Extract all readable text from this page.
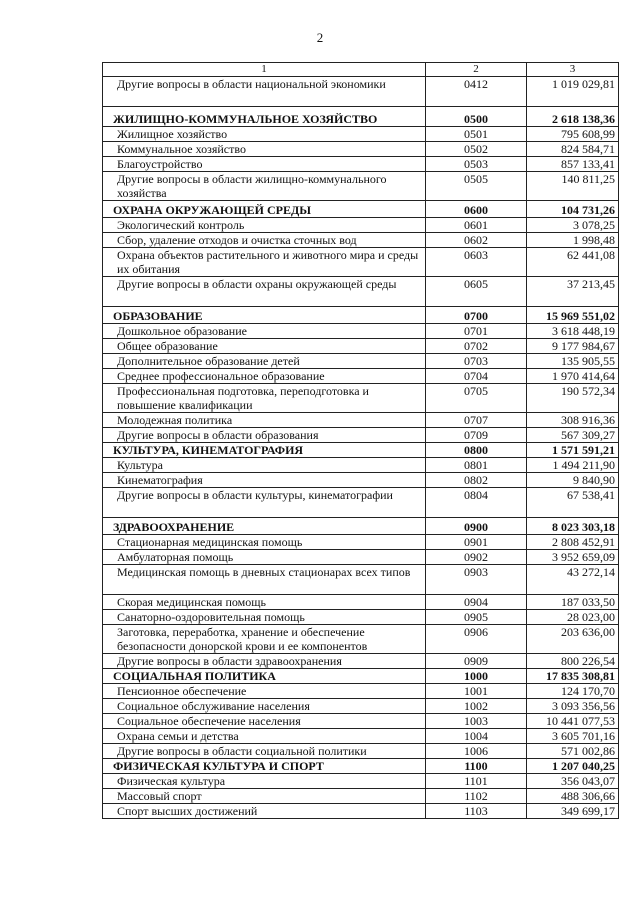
2
1	2	3
Другие вопросы в области национальной экономики	0412	1 019 029,81
ЖИЛИЩНО-КОММУНАЛЬНОЕ ХОЗЯЙСТВО	0500	2 618 138,36
Жилищное хозяйство	0501	795 608,99
Коммунальное хозяйство	0502	824 584,71
Благоустройство	0503	857 133,41
Другие вопросы в области жилищно-коммунального хозяйства	0505	140 811,25
ОХРАНА ОКРУЖАЮЩЕЙ СРЕДЫ	0600	104 731,26
Экологический контроль	0601	3 078,25
Сбор, удаление отходов и очистка сточных вод	0602	1 998,48
Охрана объектов растительного и животного мира и среды их обитания	0603	62 441,08
Другие вопросы в области охраны окружающей среды	0605	37 213,45
ОБРАЗОВАНИЕ	0700	15 969 551,02
Дошкольное образование	0701	3 618 448,19
Общее образование	0702	9 177 984,67
Дополнительное образование детей	0703	135 905,55
Среднее профессиональное образование	0704	1 970 414,64
Профессиональная подготовка, переподготовка и повышение квалификации	0705	190 572,34
Молодежная политика	0707	308 916,36
Другие вопросы в области образования	0709	567 309,27
КУЛЬТУРА, КИНЕМАТОГРАФИЯ	0800	1 571 591,21
Культура	0801	1 494 211,90
Кинематография	0802	9 840,90
Другие вопросы в области культуры, кинематографии	0804	67 538,41
ЗДРАВООХРАНЕНИЕ	0900	8 023 303,18
Стационарная медицинская помощь	0901	2 808 452,91
Амбулаторная помощь	0902	3 952 659,09
Медицинская помощь в дневных стационарах всех типов	0903	43 272,14
Скорая медицинская помощь	0904	187 033,50
Санаторно-оздоровительная помощь	0905	28 023,00
Заготовка, переработка, хранение и обеспечение безопасности донорской крови и ее компонентов	0906	203 636,00
Другие вопросы в области здравоохранения	0909	800 226,54
СОЦИАЛЬНАЯ ПОЛИТИКА	1000	17 835 308,81
Пенсионное обеспечение	1001	124 170,70
Социальное обслуживание населения	1002	3 093 356,56
Социальное обеспечение населения	1003	10 441 077,53
Охрана семьи и детства	1004	3 605 701,16
Другие вопросы в области социальной политики	1006	571 002,86
ФИЗИЧЕСКАЯ КУЛЬТУРА И СПОРТ	1100	1 207 040,25
Физическая культура	1101	356 043,07
Массовый спорт	1102	488 306,66
Спорт высших достижений	1103	349 699,17
